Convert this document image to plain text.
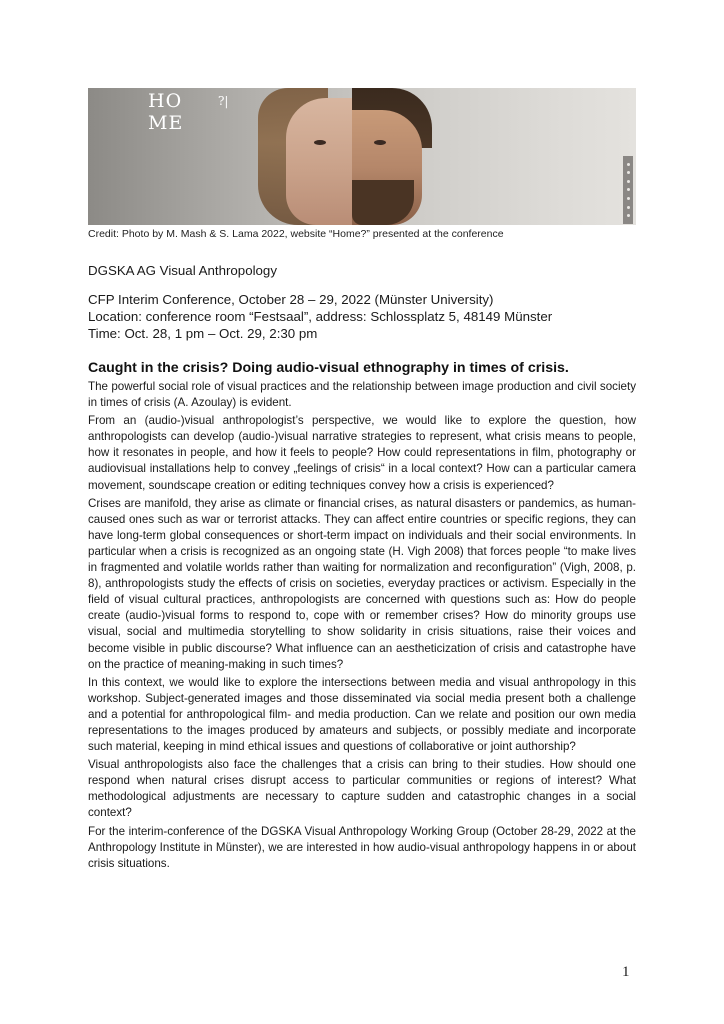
HOME
?|
Credit: Photo by M. Mash & S. Lama 2022, website “Home?” presented at the conference
DGSKA AG Visual Anthropology
CFP Interim Conference, October 28 – 29, 2022 (Münster University)
Location: conference room “Festsaal”, address: Schlossplatz 5, 48149 Münster
Time: Oct. 28, 1 pm – Oct. 29, 2:30 pm
Caught in the crisis? Doing audio-visual ethnography in times of crisis.

The powerful social role of visual practices and the relationship between image production and civil society in times of crisis (A. Azoulay) is evident.

From an (audio-)visual anthropologist’s perspective, we would like to explore the question, how anthropologists can develop (audio-)visual narrative strategies to represent, what crisis means to people, how it resonates in people, and how it feels to people? How could representations in film, photography or audiovisual installations help to convey „feelings of crisis“ in a local context? How can a particular camera movement, soundscape creation or editing techniques convey how a crisis is experienced?

Crises are manifold, they arise as climate or financial crises, as natural disasters or pandemics, as human-caused ones such as war or terrorist attacks. They can affect entire countries or specific regions, they can have long-term global consequences or short-term impact on individuals and their social environments. In particular when a crisis is recognized as an ongoing state (H. Vigh 2008) that forces people “to make lives in fragmented and volatile worlds rather than waiting for normalization and reconfiguration” (Vigh, 2008, p. 8), anthropologists study the effects of crisis on societies, everyday practices or activism. Especially in the field of visual cultural practices, anthropologists are concerned with questions such as: How do people create (audio-)visual forms to respond to, cope with or remember crises? How do minority groups use visual, social and multimedia storytelling to show solidarity in crisis situations, raise their voices and become visible in public discourse? What influence can an aestheticization of crisis and catastrophe have on the practice of meaning-making in such times?

In this context, we would like to explore the intersections between media and visual anthropology in this workshop. Subject-generated images and those disseminated via social media present both a challenge and a potential for anthropological film- and media production. Can we relate and position our own media representations to the images produced by amateurs and subjects, or possibly mediate and incorporate such material, keeping in mind ethical issues and questions of collaborative or joint authorship?

Visual anthropologists also face the challenges that a crisis can bring to their studies. How should one respond when natural crises disrupt access to particular communities or regions of interest? What methodological adjustments are necessary to capture sudden and catastrophic changes in a social context?

For the interim-conference of the DGSKA Visual Anthropology Working Group (October 28-29, 2022 at the Anthropology Institute in Münster), we are interested in how audio-visual anthropology happens in or about crisis situations.

1
